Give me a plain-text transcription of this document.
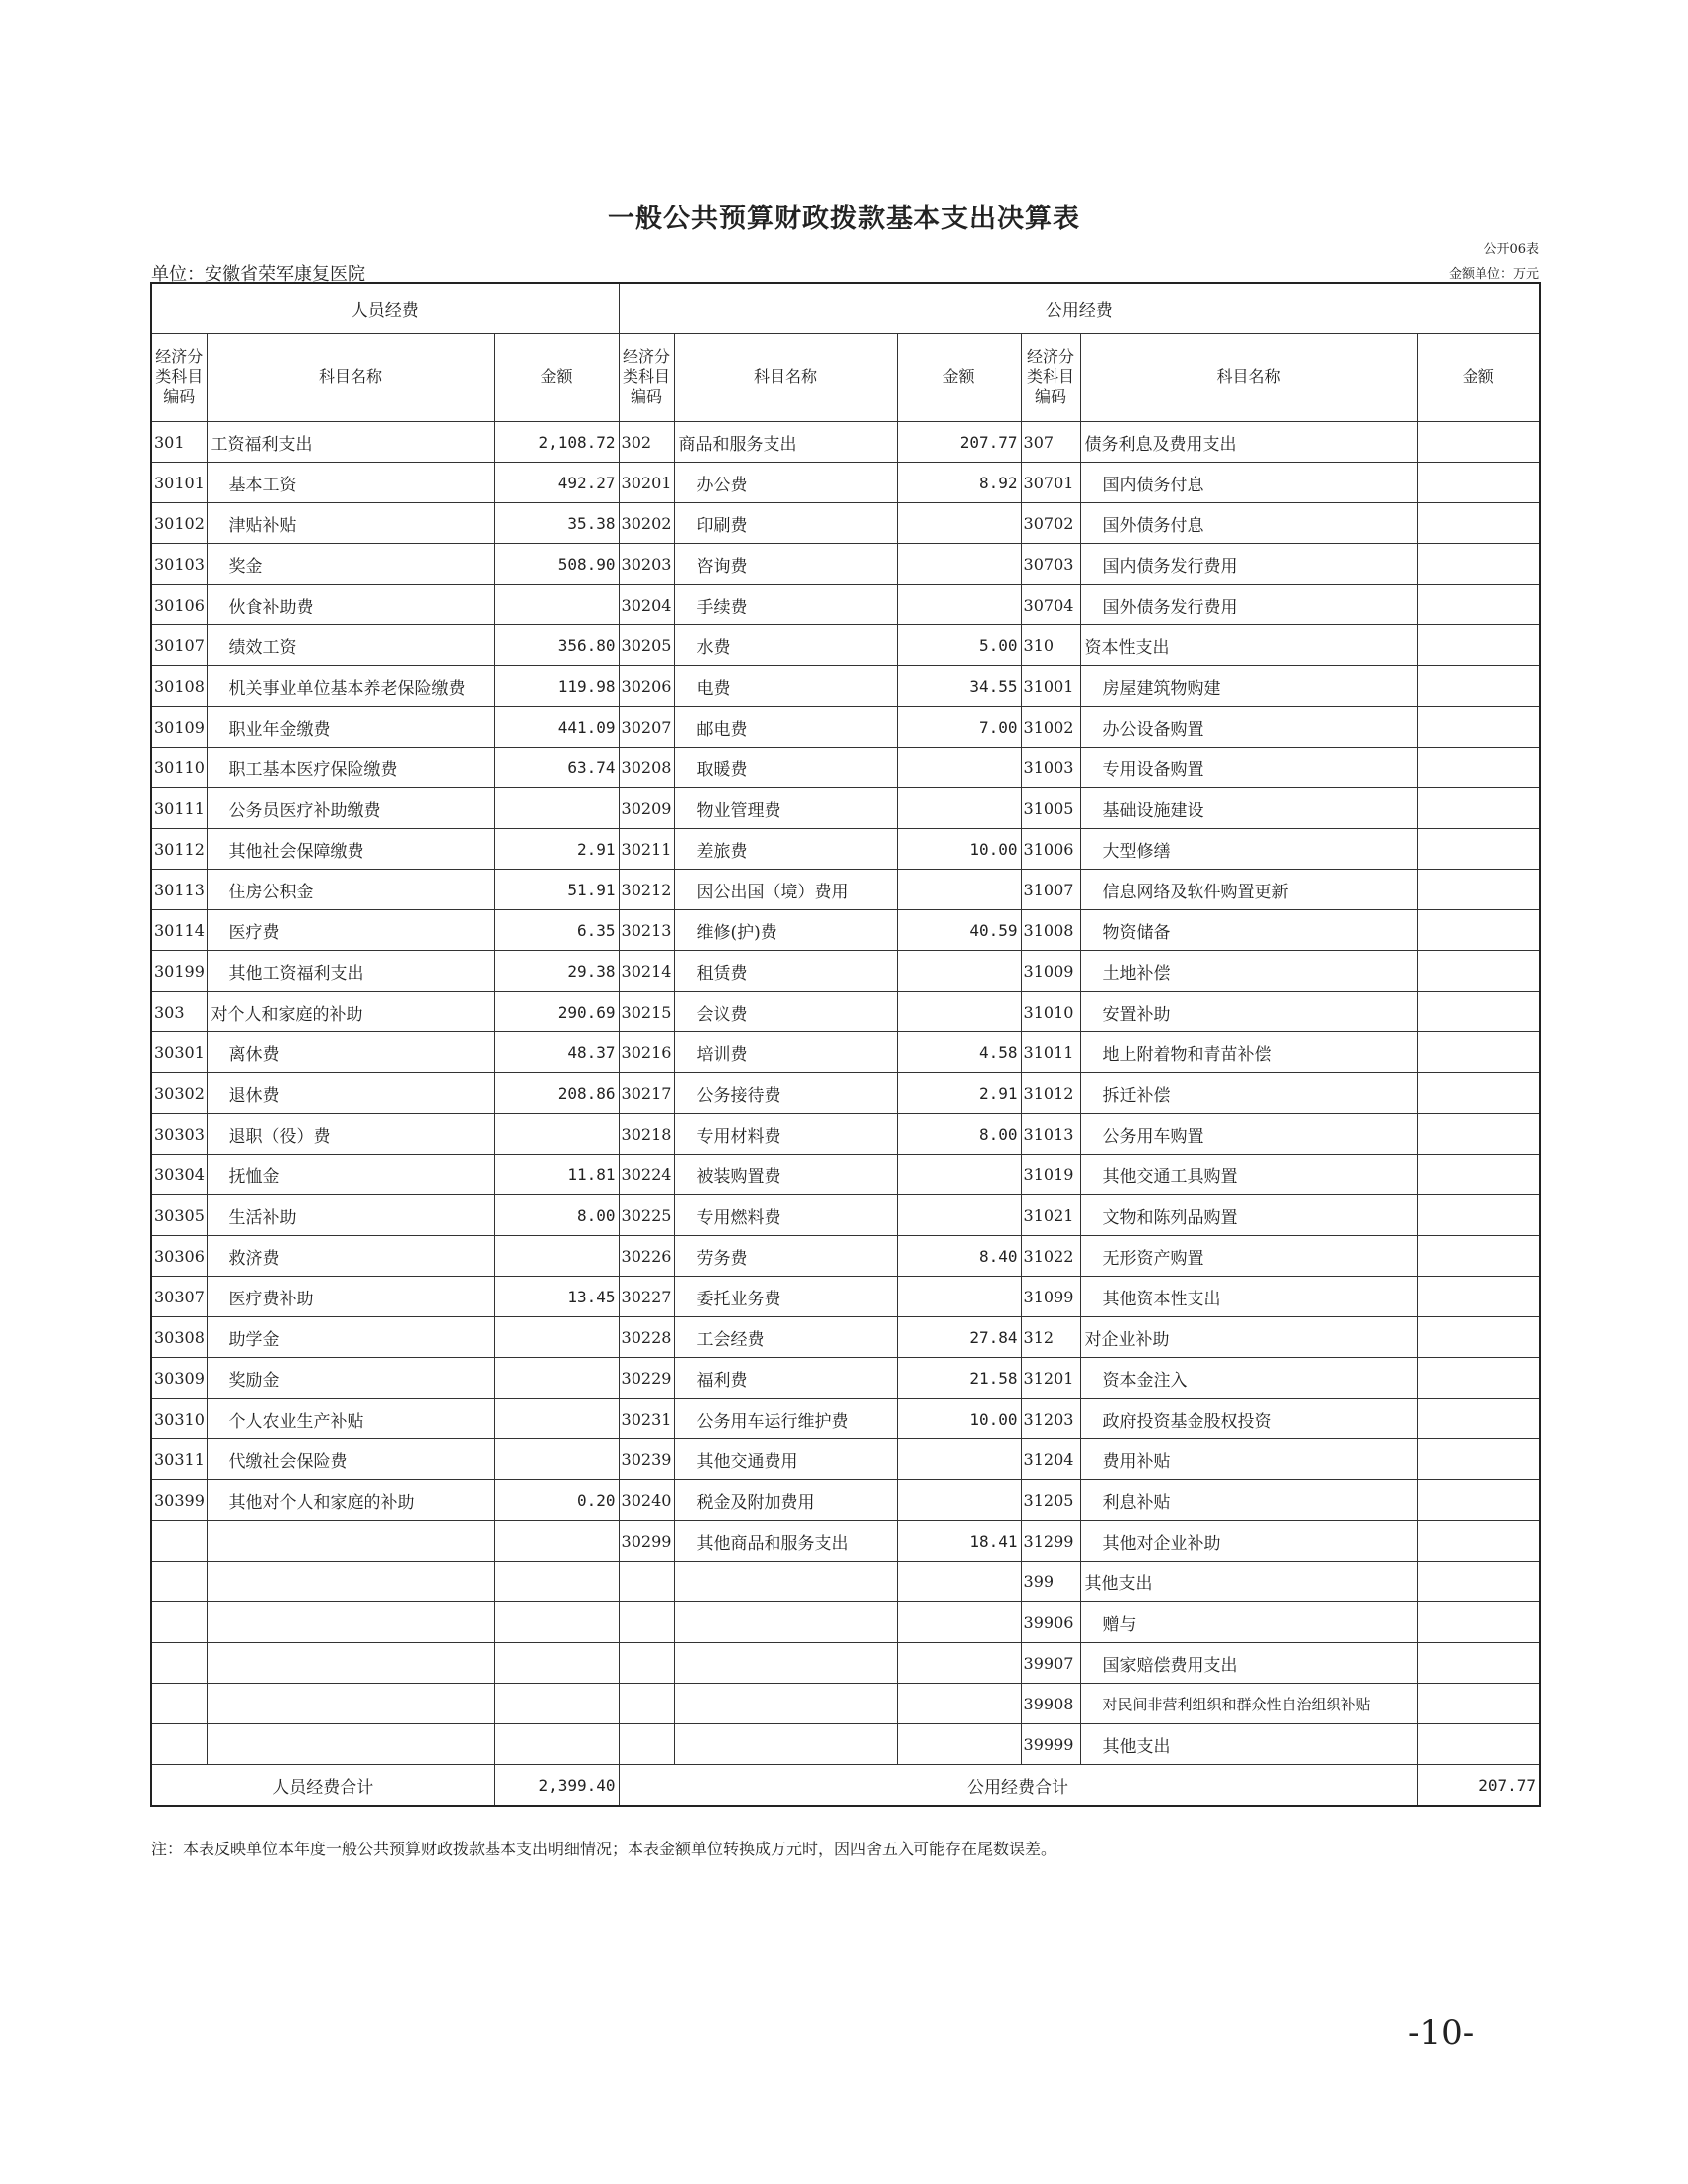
一般公共预算财政拨款基本支出决算表
公开06表
单位：安徽省荣军康复医院	金额单位：万元
人员经费			公用经费					
经济分类科目编码	科目名称	金额	经济分类科目编码	科目名称	金额	经济分类科目编码	科目名称	金额
301	工资福利支出	2,108.72	302	商品和服务支出	207.77	307	债务利息及费用支出	
30101	基本工资	492.27	30201	办公费	8.92	30701	国内债务付息	
30102	津贴补贴	35.38	30202	印刷费		30702	国外债务付息	
30103	奖金	508.90	30203	咨询费		30703	国内债务发行费用	
30106	伙食补助费		30204	手续费		30704	国外债务发行费用	
30107	绩效工资	356.80	30205	水费	5.00	310	资本性支出	
30108	机关事业单位基本养老保险缴费	119.98	30206	电费	34.55	31001	房屋建筑物购建	
30109	职业年金缴费	441.09	30207	邮电费	7.00	31002	办公设备购置	
30110	职工基本医疗保险缴费	63.74	30208	取暖费		31003	专用设备购置	
30111	公务员医疗补助缴费		30209	物业管理费		31005	基础设施建设	
30112	其他社会保障缴费	2.91	30211	差旅费	10.00	31006	大型修缮	
30113	住房公积金	51.91	30212	因公出国（境）费用		31007	信息网络及软件购置更新	
30114	医疗费	6.35	30213	维修(护)费	40.59	31008	物资储备	
30199	其他工资福利支出	29.38	30214	租赁费		31009	土地补偿	
303	对个人和家庭的补助	290.69	30215	会议费		31010	安置补助	
30301	离休费	48.37	30216	培训费	4.58	31011	地上附着物和青苗补偿	
30302	退休费	208.86	30217	公务接待费	2.91	31012	拆迁补偿	
30303	退职（役）费		30218	专用材料费	8.00	31013	公务用车购置	
30304	抚恤金	11.81	30224	被装购置费		31019	其他交通工具购置	
30305	生活补助	8.00	30225	专用燃料费		31021	文物和陈列品购置	
30306	救济费		30226	劳务费	8.40	31022	无形资产购置	
30307	医疗费补助	13.45	30227	委托业务费		31099	其他资本性支出	
30308	助学金		30228	工会经费	27.84	312	对企业补助	
30309	奖励金		30229	福利费	21.58	31201	资本金注入	
30310	个人农业生产补贴		30231	公务用车运行维护费	10.00	31203	政府投资基金股权投资	
30311	代缴社会保险费		30239	其他交通费用		31204	费用补贴	
30399	其他对个人和家庭的补助	0.20	30240	税金及附加费用		31205	利息补贴	
			30299	其他商品和服务支出	18.41	31299	其他对企业补助	
						399	其他支出	
						39906	赠与	
						39907	国家赔偿费用支出	
						39908	对民间非营利组织和群众性自治组织补贴	
						39999	其他支出	
人员经费合计		2,399.40	公用经费合计					207.77
注：本表反映单位本年度一般公共预算财政拨款基本支出明细情况；本表金额单位转换成万元时，因四舍五入可能存在尾数误差。
-10-
